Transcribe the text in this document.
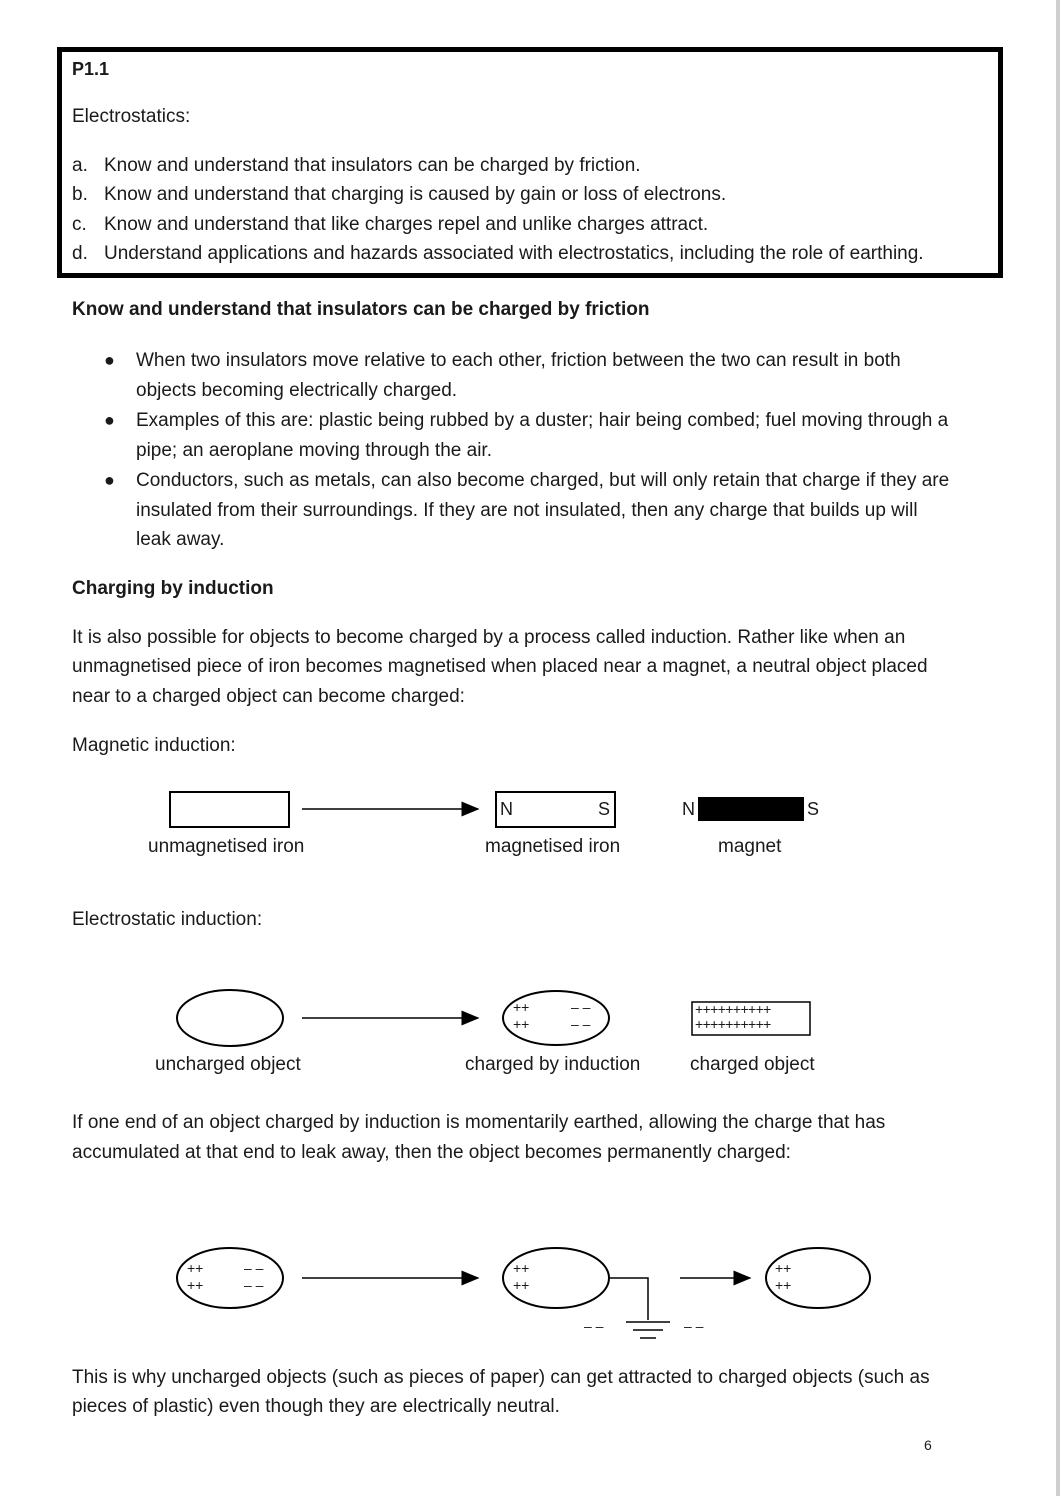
P1.1
Electrostatics:
a. Know and understand that insulators can be charged by friction.
b. Know and understand that charging is caused by gain or loss of electrons.
c. Know and understand that like charges repel and unlike charges attract.
d. Understand applications and hazards associated with electrostatics, including the role of earthing.
Know and understand that insulators can be charged by friction
● When two insulators move relative to each other, friction between the two can result in both
objects becoming electrically charged.
● Examples of this are: plastic being rubbed by a duster; hair being combed; fuel moving through a
pipe; an aeroplane moving through the air.
● Conductors, such as metals, can also become charged, but will only retain that charge if they are
insulated from their surroundings. If they are not insulated, then any charge that builds up will
leak away.
Charging by induction
It is also possible for objects to become charged by a process called induction. Rather like when an
unmagnetised piece of iron becomes magnetised when placed near a magnet, a neutral object placed
near to a charged object can become charged:
Magnetic induction:
N	S	N	S
unmagnetised iron	magnetised iron	magnet
Electrostatic induction:
++
++
– –
– –
++++++++++
++++++++++
uncharged object	charged by induction	charged object
If one end of an object charged by induction is momentarily earthed, allowing the charge that has
accumulated at that end to leak away, then the object becomes permanently charged:
++
++
– –
– –
++
++
– –	– –
++
++
This is why uncharged objects (such as pieces of paper) can get attracted to charged objects (such as
pieces of plastic) even though they are electrically neutral.
6
